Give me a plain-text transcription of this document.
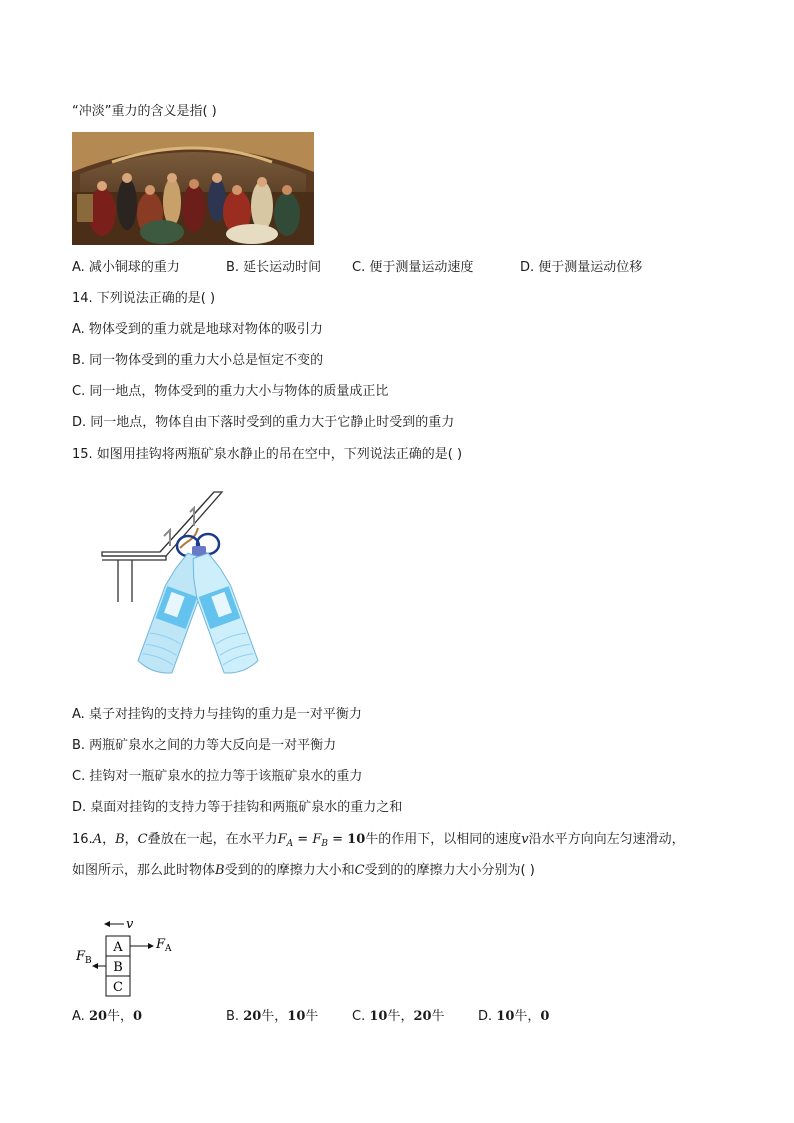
“冲淡”重力的含义是指( )
A. 减小铜球的重力	B. 延长运动时间 C. 便于测量运动速度	D. 便于测量运动位移
14. 下列说法正确的是( )
A. 物体受到的重力就是地球对物体的吸引力
B. 同一物体受到的重力大小总是恒定不变的
C. 同一地点，物体受到的重力大小与物体的质量成正比
D. 同一地点，物体自由下落时受到的重力大于它静止时受到的重力
15. 如图用挂钩将两瓶矿泉水静止的吊在空中，下列说法正确的是( )
A. 桌子对挂钩的支持力与挂钩的重力是一对平衡力
B. 两瓶矿泉水之间的力等大反向是一对平衡力
C. 挂钩对一瓶矿泉水的拉力等于该瓶矿泉水的重力
D. 桌面对挂钩的支持力等于挂钩和两瓶矿泉水的重力之和
16.A，B，C叠放在一起，在水平力$F_A = F_B = 10$牛的作用下，以相同的速度v沿水平方向向左匀速滑动，
如图所示，那么此时物体B受到的的摩擦力大小和C受到的的摩擦力大小分别为( )
v
A
B
C
$F_A$
$F_B$
A. 20牛，0	B. 20牛，10牛	C. 10牛，20牛	D. 10牛，0
